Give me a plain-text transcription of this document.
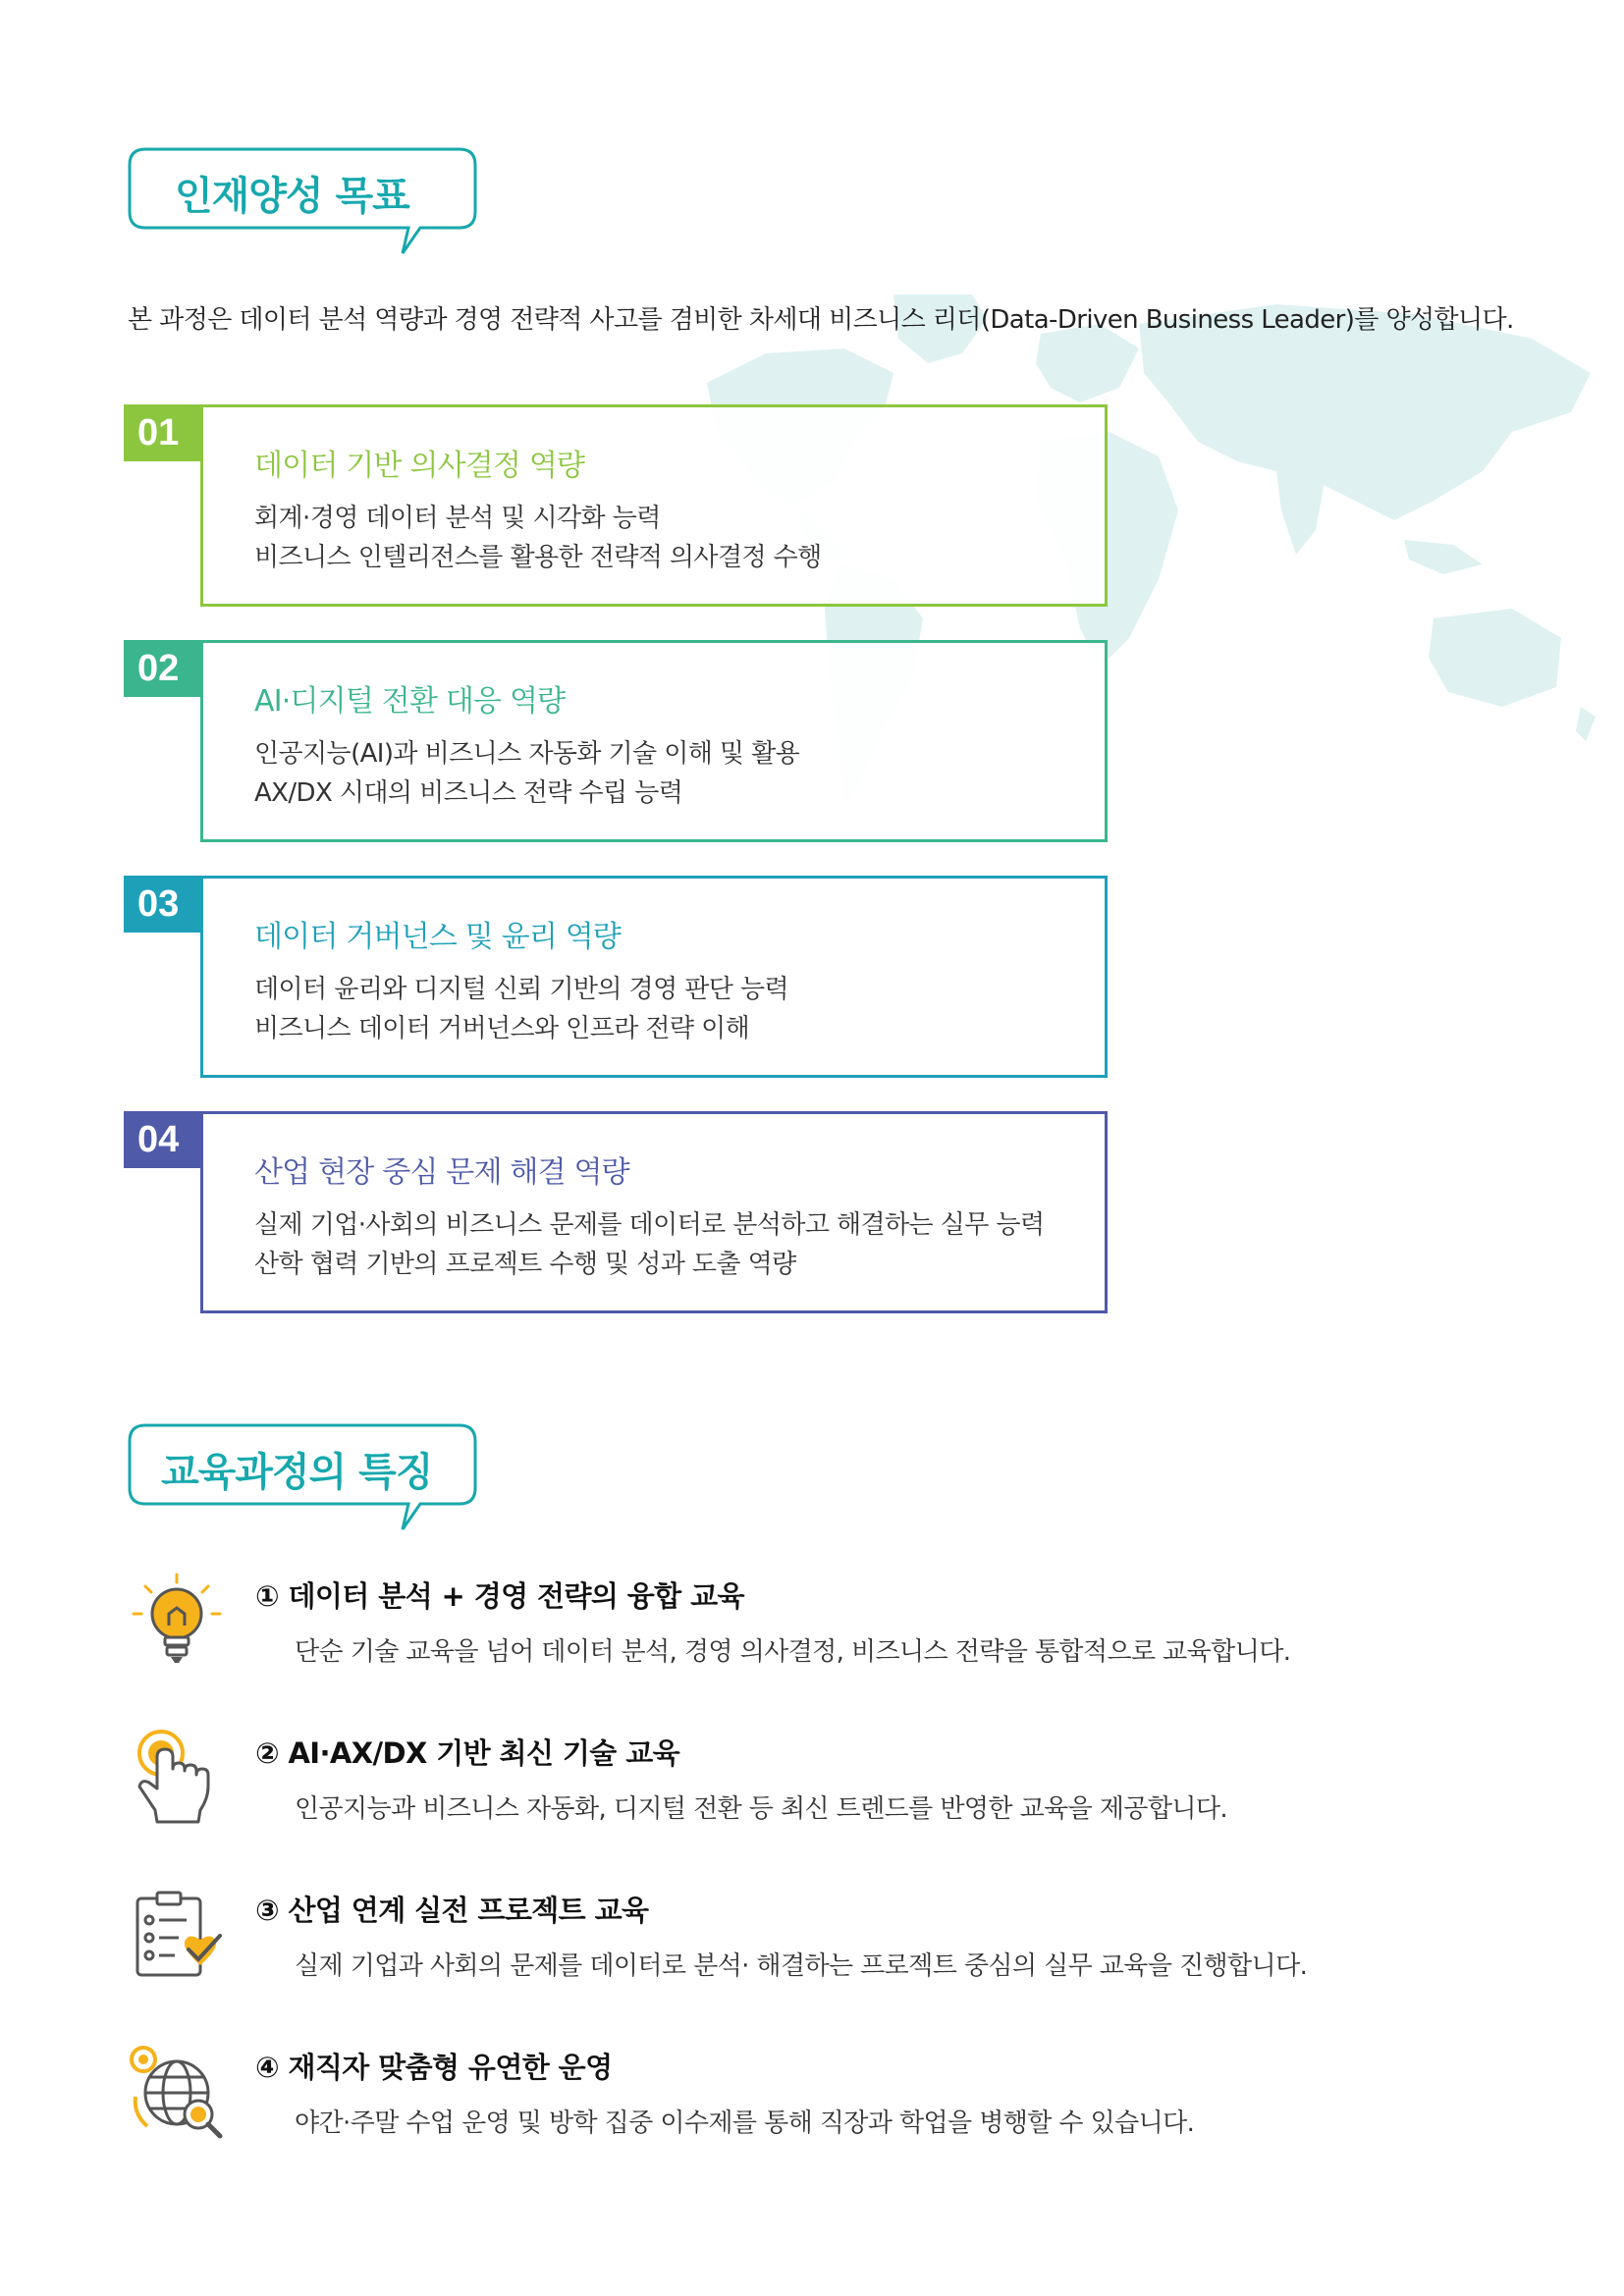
인재양성 목표
본 과정은 데이터 분석 역량과 경영 전략적 사고를 겸비한 차세대 비즈니스 리더(Data-Driven Business Leader)를 양성합니다.
01
데이터 기반 의사결정 역량
회계·경영 데이터 분석 및 시각화 능력
비즈니스 인텔리전스를 활용한 전략적 의사결정 수행
02
AI·디지털 전환 대응 역량
인공지능(AI)과 비즈니스 자동화 기술 이해 및 활용
AX/DX 시대의 비즈니스 전략 수립 능력
03
데이터 거버넌스 및 윤리 역량
데이터 윤리와 디지털 신뢰 기반의 경영 판단 능력
비즈니스 데이터 거버넌스와 인프라 전략 이해
04
산업 현장 중심 문제 해결 역량
실제 기업·사회의 비즈니스 문제를 데이터로 분석하고 해결하는 실무 능력
산학 협력 기반의 프로젝트 수행 및 성과 도출 역량
교육과정의 특징
① 데이터 분석 + 경영 전략의 융합 교육
단순 기술 교육을 넘어 데이터 분석, 경영 의사결정, 비즈니스 전략을 통합적으로 교육합니다.
② AI·AX/DX 기반 최신 기술 교육
인공지능과 비즈니스 자동화, 디지털 전환 등 최신 트렌드를 반영한 교육을 제공합니다.
③ 산업 연계 실전 프로젝트 교육
실제 기업과 사회의 문제를 데이터로 분석· 해결하는 프로젝트 중심의 실무 교육을 진행합니다.
④ 재직자 맞춤형 유연한 운영
야간·주말 수업 운영 및 방학 집중 이수제를 통해 직장과 학업을 병행할 수 있습니다.
